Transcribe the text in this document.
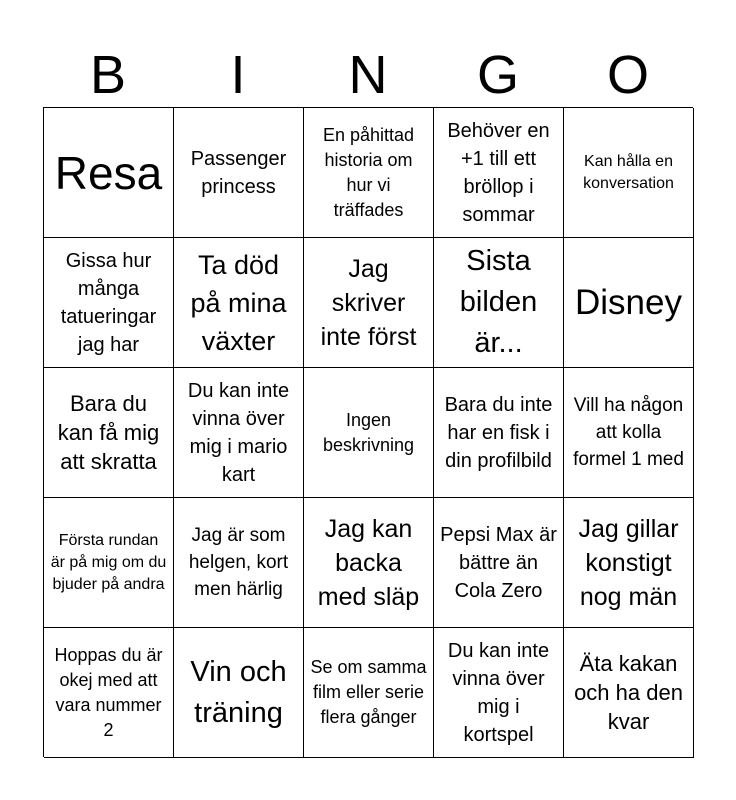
B	I	N	G	O
Resa	Passenger princess
En påhittad historia om hur vi träffades
Behöver en +1 till ett bröllop i sommar
Kan hålla en konversation
Gissa hur många tatueringar jag har
Ta död på mina växter
Jag skriver inte först
Sista bilden är...
Disney
Bara du kan få mig att skratta
Du kan inte vinna över mig i mario kart
Ingen beskrivning
Bara du inte har en fisk i din profilbild
Vill ha någon att kolla formel 1 med
Första rundan är på mig om du bjuder på andra
Jag är som helgen, kort men härlig
Jag kan backa med släp
Pepsi Max är bättre än Cola Zero
Jag gillar konstigt nog män
Hoppas du är okej med att vara nummer 2
Vin och träning
Se om samma film eller serie flera gånger
Du kan inte vinna över mig i kortspel
Äta kakan och ha den kvar
